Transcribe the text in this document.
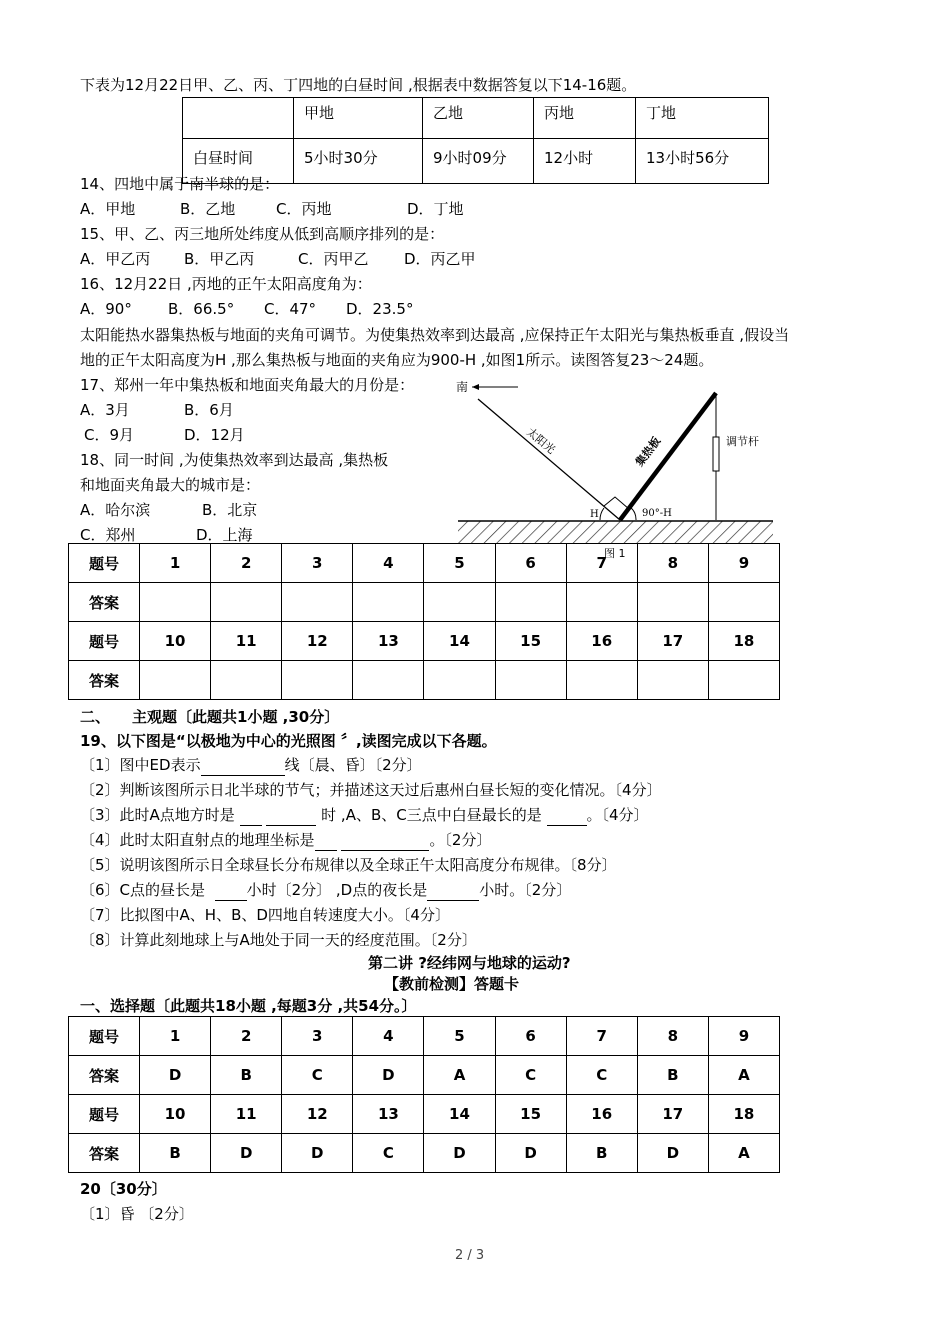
下表为12月22日甲、乙、丙、丁四地的白昼时间 ,根据表中数据答复以下14-16题。
	甲地	乙地	丙地	丁地
白昼时间	5小时30分	9小时09分	12小时	13小时56分
14、四地中属于南半球的是：
A．甲地	B．乙地	C．丙地	D．丁地
15、甲、乙、丙三地所处纬度从低到高顺序排列的是：
A．甲乙丙 B．甲乙丙	C．丙甲乙 D．丙乙甲
16、12月22日 ,丙地的正午太阳高度角为：
A．90° B．66.5° C．47° D．23.5°
太阳能热水器集热板与地面的夹角可调节。为使集热效率到达最高 ,应保持正午太阳光与集热板垂直 ,假设当
地的正午太阳高度为H ,那么集热板与地面的夹角应为900-H ,如图1所示。读图答复23～24题。
17、郑州一年中集热板和地面夹角最大的月份是：
A．3月	B．6月
C．9月	D．12月
18、同一时间 ,为使集热效率到达最高 ,集热板
和地面夹角最大的城市是：
A．哈尔滨	B．北京
C．郑州	D．上海
南
太阳光	集热板	调节杆
H	90°-H
图 1
题号	1	2	3	4	5	6	7	8	9
答案									
题号	10	11	12	13	14	15	16	17	18
答案									
二、 主观题〔此题共1小题 ,30分〕
19、以下图是“以极地为中心的光照图 〞,读图完成以下各题。
〔1〕图中ED表示	线〔晨、昏〕〔2分〕
〔2〕判断该图所示日北半球的节气；并描述这天过后惠州白昼长短的变化情况。〔4分〕
〔3〕此时A点地方时是	时 ,A、B、C三点中白昼最长的是	。〔4分〕
〔4〕此时太阳直射点的地理坐标是	。〔2分〕
〔5〕说明该图所示日全球昼长分布规律以及全球正午太阳高度分布规律。〔8分〕
〔6〕C点的昼长是	小时〔2分〕 ,D点的夜长是	小时。〔2分〕
〔7〕比拟图中A、H、B、D四地自转速度大小。〔4分〕
〔8〕计算此刻地球上与A地处于同一天的经度范围。〔2分〕
第二讲 ?经纬网与地球的运动?
【教前检测】答题卡
一、选择题〔此题共18小题 ,每题3分 ,共54分。〕
题号	1	2	3	4	5	6	7	8	9
答案	D	B	C	D	A	C	C	B	A
题号	10	11	12	13	14	15	16	17	18
答案	B	D	D	C	D	D	B	D	A
20〔30分〕
〔1〕昏 〔2分〕
2 / 3
